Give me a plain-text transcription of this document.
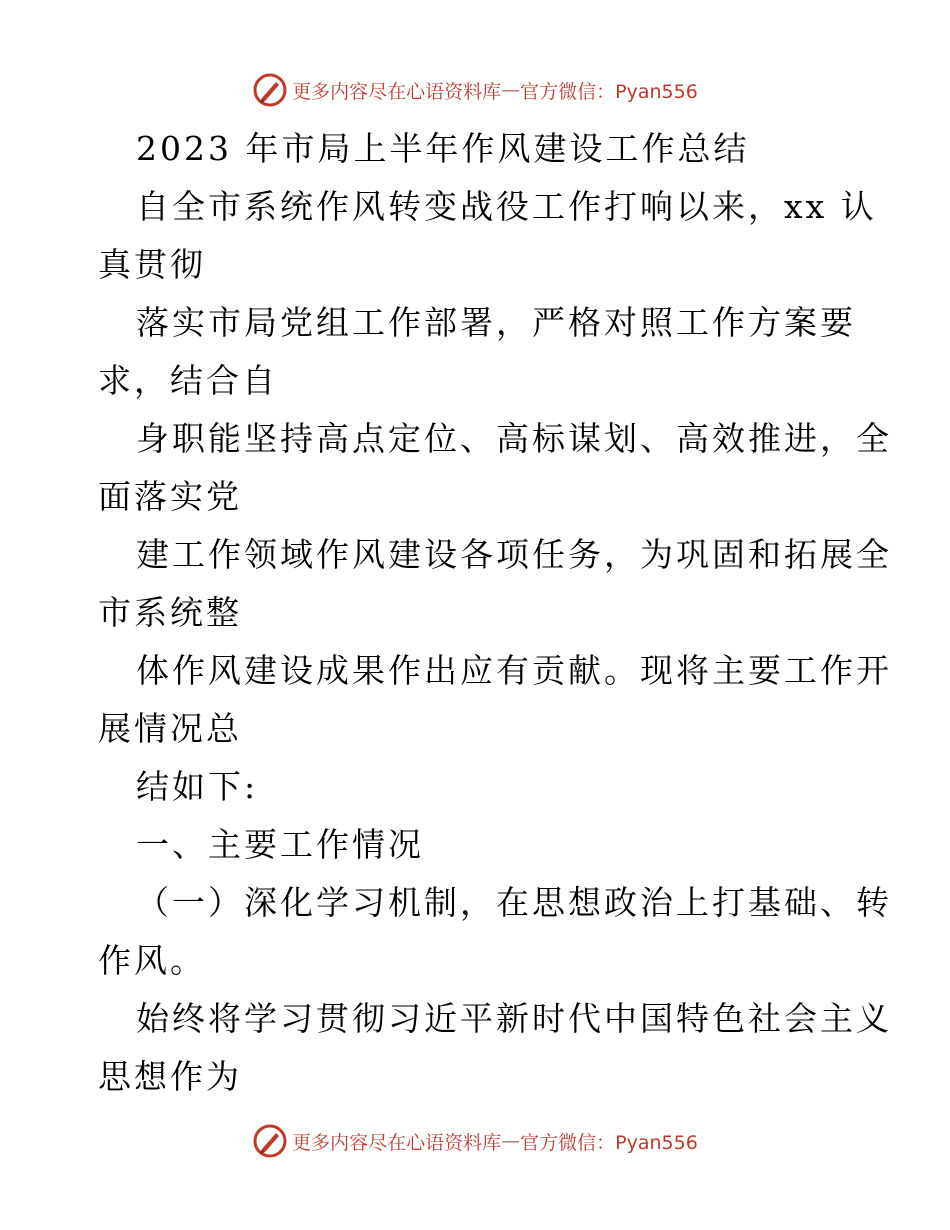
更多内容尽在心语资料库 — 官方微信：Pyan556
2023 年市局上半年作风建设工作总结
自全市系统作风转变战役工作打响以来，xx 认
真贯彻
落实市局党组工作部署，严格对照工作方案要
求，结合自
身职能坚持高点定位、高标谋划、高效推进，全
面落实党
建工作领域作风建设各项任务，为巩固和拓展全
市系统整
体作风建设成果作出应有贡献。现将主要工作开
展情况总
结如下:
一、主要工作情况
（一）深化学习机制，在思想政治上打基础、转
作风。
始终将学习贯彻习近平新时代中国特色社会主义
思想作为
更多内容尽在心语资料库 — 官方微信：Pyan556
